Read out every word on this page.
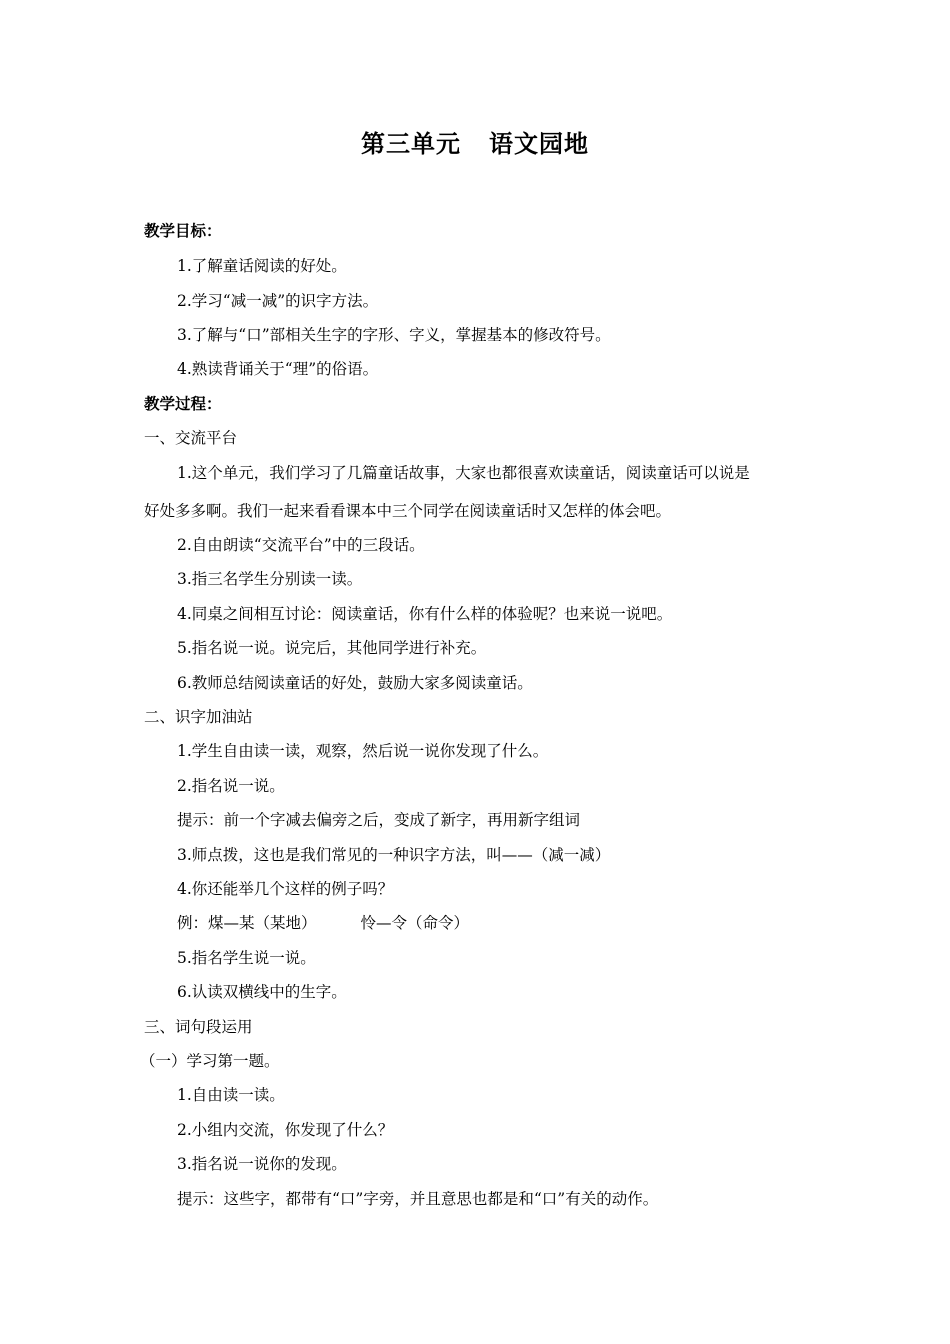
第三单元 语文园地
教学目标：
1.了解童话阅读的好处。
2.学习“减一减”的识字方法。
3.了解与“口”部相关生字的字形、字义，掌握基本的修改符号。
4.熟读背诵关于“理”的俗语。
教学过程：
一、交流平台
1.这个单元，我们学习了几篇童话故事，大家也都很喜欢读童话，阅读童话可以说是
好处多多啊。我们一起来看看课本中三个同学在阅读童话时又怎样的体会吧。
2.自由朗读“交流平台”中的三段话。
3.指三名学生分别读一读。
4.同桌之间相互讨论：阅读童话，你有什么样的体验呢？也来说一说吧。
5.指名说一说。说完后，其他同学进行补充。
6.教师总结阅读童话的好处，鼓励大家多阅读童话。
二、识字加油站
1.学生自由读一读，观察，然后说一说你发现了什么。
2.指名说一说。
提示：前一个字减去偏旁之后，变成了新字，再用新字组词
3.师点拨，这也是我们常见的一种识字方法，叫——（减一减）
4.你还能举几个这样的例子吗？
例：煤—某（某地）	怜—令（命令）
5.指名学生说一说。
6.认读双横线中的生字。
三、词句段运用
（一）学习第一题。
1.自由读一读。
2.小组内交流，你发现了什么？
3.指名说一说你的发现。
提示：这些字，都带有“口”字旁，并且意思也都是和“口”有关的动作。
